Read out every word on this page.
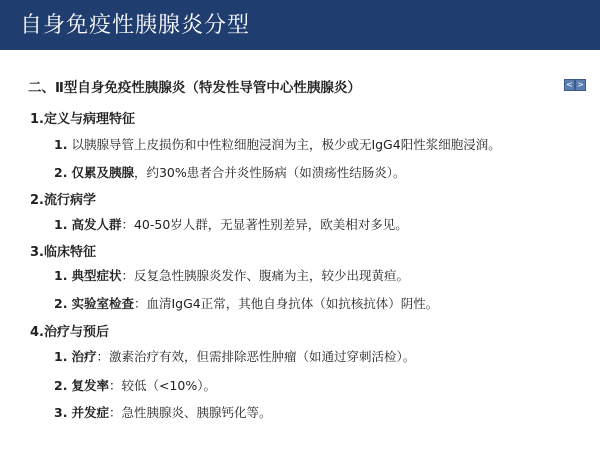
自身免疫性胰腺炎分型
二、Ⅱ型自身免疫性胰腺炎（特发性导管中心性胰腺炎）	< >
1.定义与病理特征
1. 以胰腺导管上皮损伤和中性粒细胞浸润为主，极少或无IgG4阳性浆细胞浸润。
2. 仅累及胰腺，约30%患者合并炎性肠病（如溃疡性结肠炎）。
2.流行病学
1. 高发人群：40-50岁人群，无显著性别差异，欧美相对多见。
3.临床特征
1. 典型症状：反复急性胰腺炎发作、腹痛为主，较少出现黄疸。
2. 实验室检查：血清IgG4正常，其他自身抗体（如抗核抗体）阴性。
4.治疗与预后
1. 治疗：激素治疗有效，但需排除恶性肿瘤（如通过穿刺活检）。
2. 复发率：较低（<10%）。
3. 并发症：急性胰腺炎、胰腺钙化等。
